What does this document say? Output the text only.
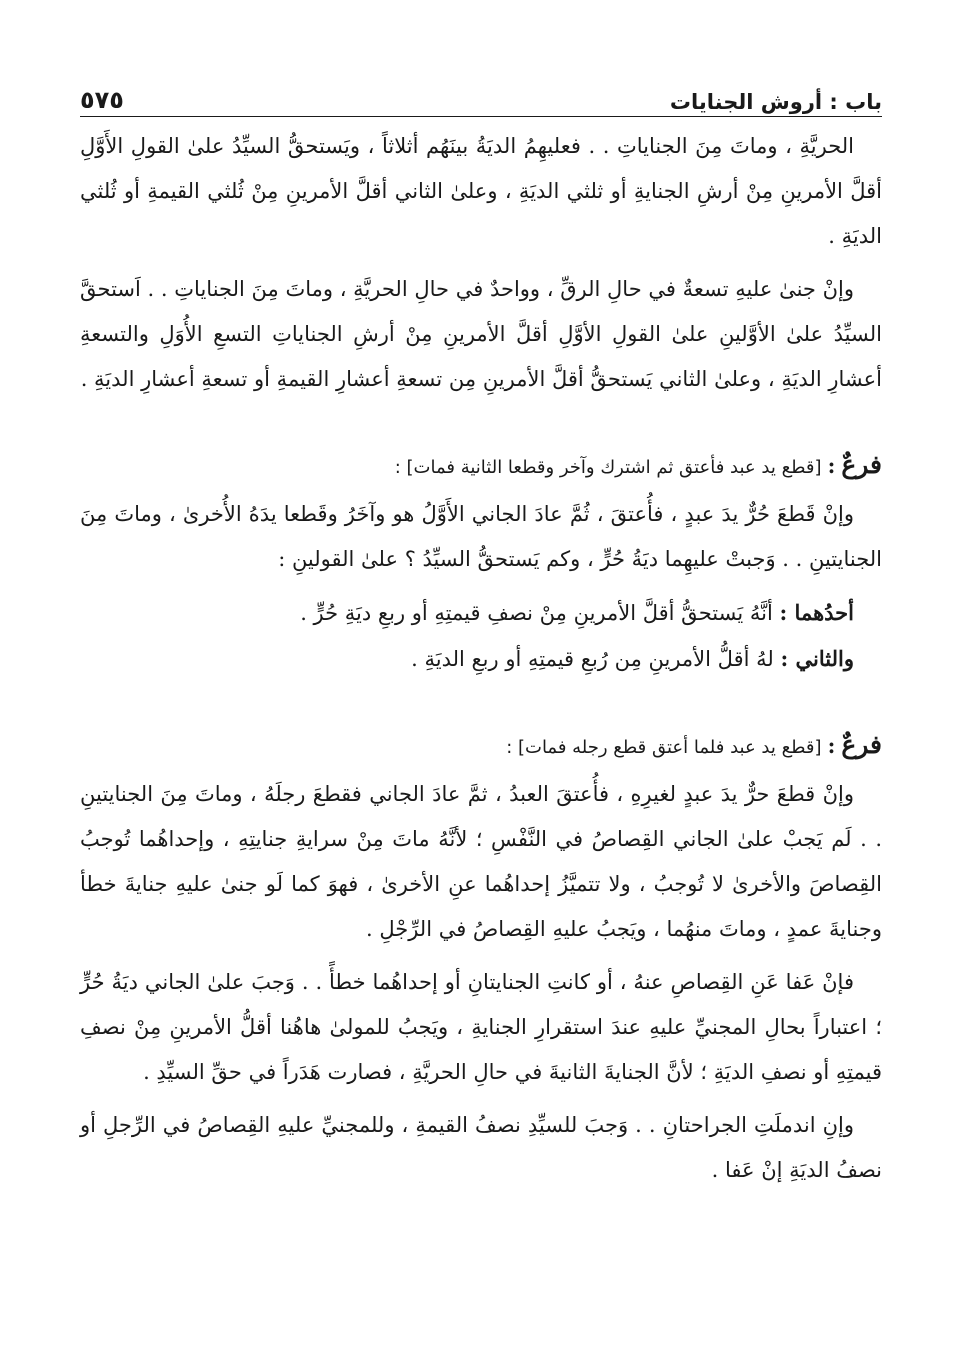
باب : أروش الجنايات
٥٧٥

الحريَّةِ ، وماتَ مِنَ الجناياتِ . . فعليهِمُ الديَةُ بينَهُم أثلاثاً ، ويَستحقُّ السيِّدُ علىٰ القولِ الأَوَّلِ أقلَّ الأمرينِ مِنْ أرشِ الجنايةِ أو ثلثي الديَةِ ، وعلىٰ الثاني أقلَّ الأمرينِ مِنْ ثُلثي القيمةِ أو ثُلثي الديَةِ .

وإنْ جنىٰ عليهِ تسعةٌ في حالِ الرقِّ ، وواحدٌ في حالِ الحريَّةِ ، وماتَ مِنَ الجناياتِ . . اَستحقَّ السيِّدُ علىٰ الأوَّلينِ علىٰ القولِ الأوَّلِ أقلَّ الأمرينِ مِنْ أرشِ الجناياتِ التسعِ الأُوَلِ والتسعةِ أعشارِ الديَةِ ، وعلىٰ الثاني يَستحقُّ أقلَّ الأمرينِ مِن تسعةِ أعشارِ القيمةِ أو تسعةِ أعشارِ الديَةِ .

فرعٌ:[قطع يد عبد فأعتق ثم اشترك وآخر وقطعا الثانية فمات] :

وإنْ قَطعَ حُرٌّ يدَ عبدٍ ، فأُعتقَ ، ثُمَّ عادَ الجاني الأَوَّلُ هو وآخَرُ وقَطعا يدَهُ الأُخرىٰ ، وماتَ مِنَ الجنايتينِ . . وَجبتْ عليهِما ديَةُ حُرٍّ ، وكم يَستحقُّ السيِّدُ ؟ علىٰ القولينِ :

أحدُهما : أنَّهُ يَستحقُّ أقلَّ الأمرينِ مِنْ نصفِ قيمتِهِ أو ربعِ ديَةِ حُرٍّ .

والثاني : لهُ أقلُّ الأمرينِ مِن رُبعِ قيمتِهِ أو ربعِ الديَةِ .

فرعٌ:[قطع يد عبد فلما أعتق قطع رجله فمات] :

وإنْ قطعَ حرٌّ يدَ عبدٍ لغيرِهِ ، فأُعتقَ العبدُ ، ثمَّ عادَ الجاني فقطعَ رجلَهُ ، وماتَ مِنَ الجنايتينِ . . لَم يَجبْ علىٰ الجاني القِصاصُ في النَّفْسِ ؛ لأنَّهُ ماتَ مِنْ سرايةِ جنايتِهِ ، وإحداهُما تُوجبُ القِصاصَ والأخرىٰ لا تُوجبُ ، ولا تتميَّزُ إحداهُما عنِ الأخرىٰ ، فهوَ كما لَو جنىٰ عليهِ جنايةَ خطأ وجنايةَ عمدٍ ، وماتَ منهُما ، ويَجبُ عليهِ القِصاصُ في الرِّجْلِ .

فإنْ عَفا عَنِ القِصاصِ عنهُ ، أو كانتِ الجنايتانِ أو إحداهُما خطأً . . وَجبَ علىٰ الجاني ديَةُ حُرٍّ ؛ اعتباراً بحالِ المجنيِّ عليهِ عندَ استقرارِ الجنايةِ ، ويَجبُ للمولىٰ هاهُنا أقلُّ الأمرينِ مِنْ نصفِ قيمتِهِ أو نصفِ الديَةِ ؛ لأنَّ الجنايةَ الثانيةَ في حالِ الحريَّةِ ، فصارت هَدَراً في حقِّ السيِّدِ .

وإنِ اندملَتِ الجراحتانِ . . وَجبَ للسيِّدِ نصفُ القيمةِ ، وللمجنيِّ عليهِ القِصاصُ في الرِّجلِ أو نصفُ الديَةِ إنْ عَفا .
